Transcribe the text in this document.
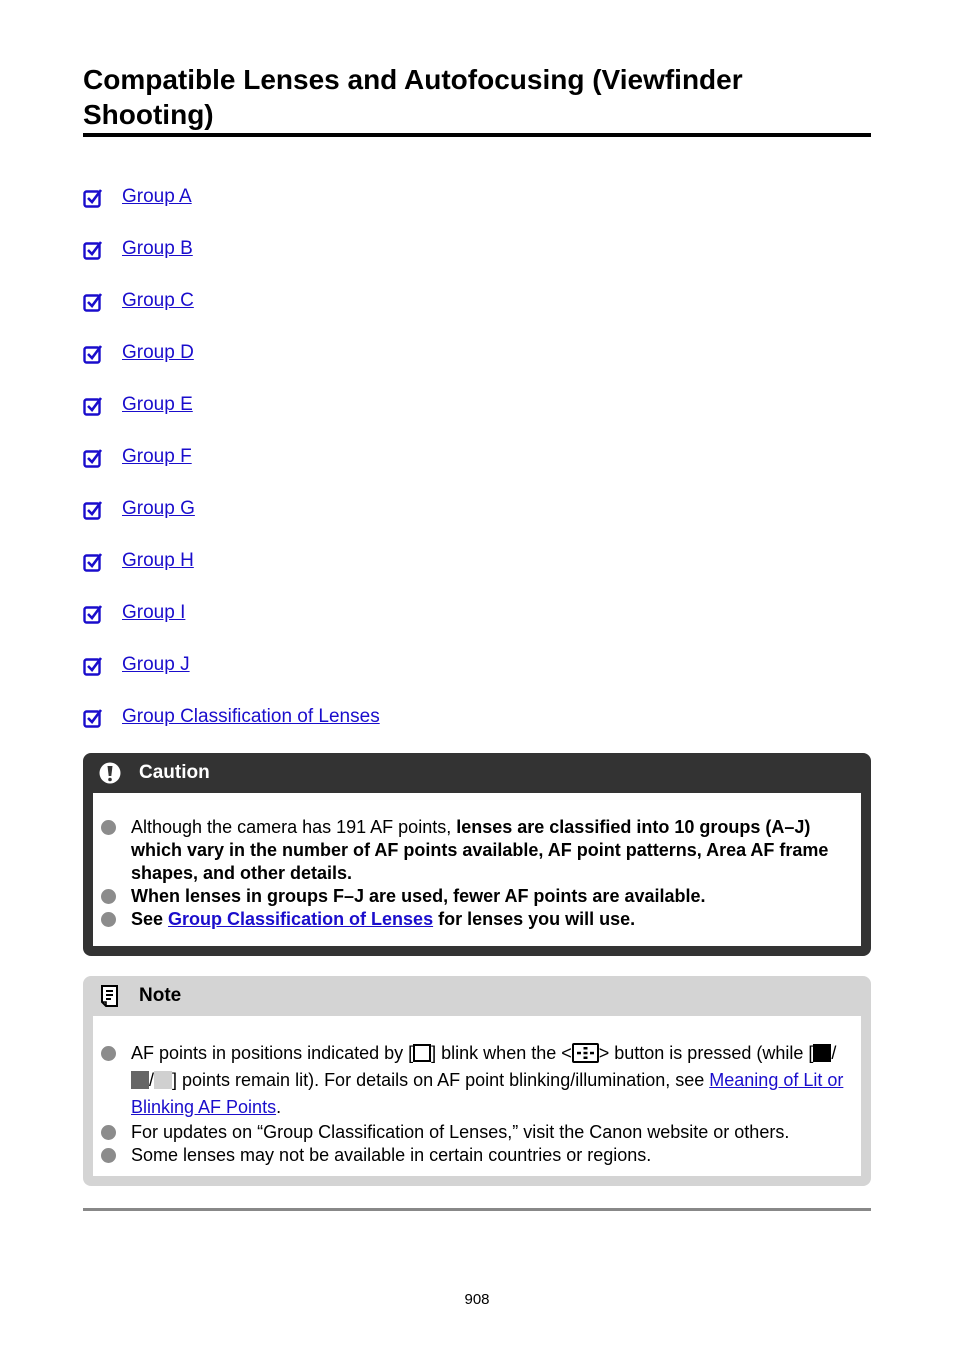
Compatible Lenses and Autofocusing (Viewfinder Shooting)
Group A
Group B
Group C
Group D
Group E
Group F
Group G
Group H
Group I
Group J
Group Classification of Lenses
Caution
Although the camera has 191 AF points, lenses are classified into 10 groups (A–J) which vary in the number of AF points available, AF point patterns, Area AF frame shapes, and other details.
When lenses in groups F–J are used, fewer AF points are available.
See Group Classification of Lenses for lenses you will use.
Note
AF points in positions indicated by [ ] blink when the < > button is pressed (while [ // ] points remain lit). For details on AF point blinking/illumination, see Meaning of Lit or Blinking AF Points.
For updates on “Group Classification of Lenses,” visit the Canon website or others.
Some lenses may not be available in certain countries or regions.
908
